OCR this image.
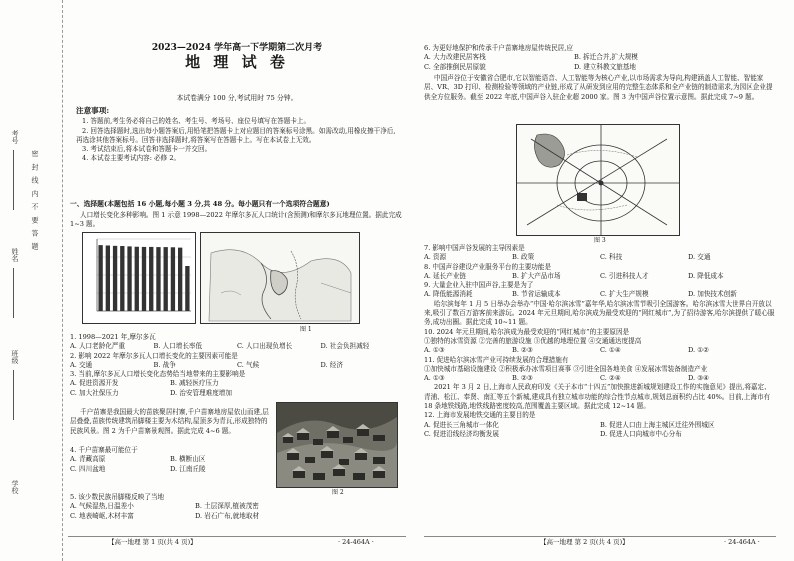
密 封 线 内 不 要 答 题
考号
姓名
班级
学校
2023—2024 学年高一下学期第二次月考
地 理 试 卷
本试卷满分 100 分,考试用时 75 分钟。
注意事项:
1. 答题前,考生务必将自己的姓名、考生号、考场号、座位号填写在答题卡上。
2. 回答选择题时,选出每小题答案后,用铅笔把答题卡上对应题目的答案标号涂黑。如需改动,用橡皮擦干净后,再选涂其他答案标号。回答非选择题时,将答案写在答题卡上。写在本试卷上无效。
3. 考试结束后,将本试卷和答题卡一并交回。
4. 本试卷主要考试内容: 必修 2。
一、选择题(本题包括 16 小题,每小题 3 分,共 48 分。每小题只有一个选项符合题意)
人口增长变化多种影响。图 1 示意 1998—2022 年摩尔多瓦人口统计(含预测)和摩尔多瓦地理位置。据此完成 1~3 题。
图 1
1. 1998—2021 年,摩尔多瓦
A. 人口老龄化严重	B. 人口增长率低	C. 人口出现负增长	D. 社会负担减轻
2. 影响 2022 年摩尔多瓦人口增长变化的主要因素可能是
A. 交通	B. 战争	C. 气候	D. 经济
3. 当前,摩尔多瓦人口增长变化态势给当地带来的主要影响是
A. 促进资源开发	B. 减轻医疗压力
C. 加大社保压力	D. 治安管理难度增加
千户苗寨是我国最大的苗族聚居村寨,千户苗寨地房屋依山而建,层层叠叠,苗族传统建筑吊脚楼主要为木结构,屋顶多为青瓦,形成独特的民族风景。图 2 为千户苗寨景观图。据此完成 4~6 题。
图 2
4. 千户苗寨最可能位于
A. 青藏高原	B. 横断山区
C. 四川盆地	D. 江南丘陵
5. 该少数民族吊脚楼反映了当地
A. 气候湿热,日温差小	B. 土层深厚,植被茂密
C. 地表崎岖,木材丰富	D. 岩石广布,就地取材
【高一地理 第 1 页(共 4 页)】	· 24-464A ·
6. 为更好地保护和传承千户苗寨地房屋传统民居,应
A. 大力改建民居客栈	B. 拆迁合并,扩大规模
C. 全部推倒民居原貌	D. 建立科教文旅基地
中国声谷位于安徽省合肥市,它以智能语音、人工智能等为核心产业,以市场需求为导向,构建涵盖人工智能、智能家居、VR、3D 打印、检测检验等领域的产业链,形成了从研发到应用的完整生态体系和全产业链的制造需求,为园区企业提供全方位服务。截至 2022 年底,中国声谷入驻企业超 2000 家。图 3 为中国声谷位置示意图。据此完成 7~9 题。
图 3
7. 影响中国声谷发展的主导因素是
A. 资源	B. 政策	C. 科技	D. 交通
8. 中国声谷建设产业服务平台的主要功能是
A. 延长产业链	B. 扩大产品市场	C. 引进科技人才	D. 降低成本
9. 大量企业入驻中国声谷,主要是为了
A. 降低能源消耗	B. 节省运输成本	C. 扩大生产规模	D. 加快技术创新
哈尔滨每年 1 月 5 日举办会举办“中国·哈尔滨冰雪”嘉年华,哈尔滨冰雪节吸引全国游客。哈尔滨冰雪大世界自开放以来,吸引了数百万游客前来游玩。2024 年元旦期间,哈尔滨成为最受欢迎的“网红城市”,为了招待游客,哈尔滨提供了暖心服务,成功出圈。据此完成 10~11 题。
10. 2024 年元旦期间,哈尔滨成为最受欢迎的“网红城市”的主要原因是
①独特的冰雪资源 ②完善的旅游设施 ③优越的地理位置 ④交通通达度提高
A. ①③	B. ②③	C. ①④	D. ①②
11. 促进哈尔滨冰雪产业可持续发展的合理措施有
①加快城市基础设施建设 ②积极承办冰雪项目赛事 ③引进全国各地美食 ④发展冰雪装备制造产业
A. ①③	B. ②③	C. ②④	D. ③④
2021 年 3 月 2 日,上海市人民政府印发《关于本市“十四五”加快推进新城规划建设工作的实施意见》提出,将嘉定、青浦、松江、奉贤、南汇等五个新城,建成具有独立城市功能的综合性节点城市,规划总面积约占比 40%。目前,上海市有 18 条地铁线路,地铁线路密度较高,范围覆盖主要区域。据此完成 12~14 题。
12. 上海市发展地铁交通的主要目的是
A. 促进长三角城市一体化	B. 促进人口由上海主城区迁往外围城区
C. 促进沿线经济均衡发展	D. 促进人口向城市中心分布
【高一地理 第 2 页(共 4 页)】	· 24-464A ·
